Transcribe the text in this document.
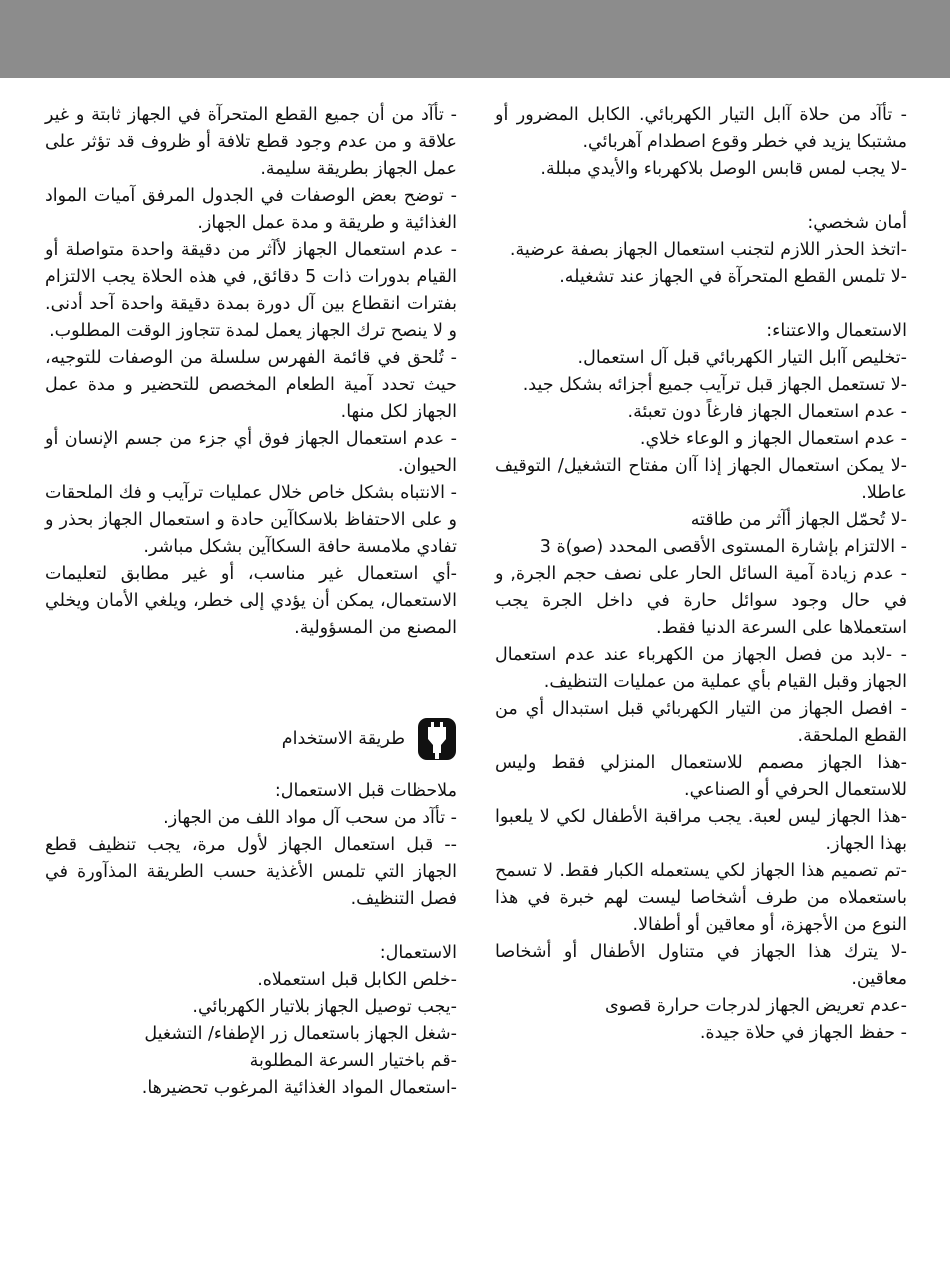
- تأآد من حلاة آابل التيار الكهربائي. الكابل المضرور أو مشتبكا يزيد في خطر وقوع اصطدام آهربائي.

-لا يجب لمس قابس الوصل بلاكهرباء والأيدي مبللة.

أمان شخصي:

-اتخذ الحذر اللازم لتجنب استعمال الجهاز بصفة عرضية.

-لا تلمس القطع المتحرآة في الجهاز عند تشغيله.

الاستعمال والاعتناء:

-تخليص آابل التيار الكهربائي قبل آل استعمال.

-لا تستعمل الجهاز قبل ترآيب جميع أجزائه بشكل جيد.

- عدم استعمال الجهاز فارغاً دون تعبئة.

- عدم استعمال الجهاز و الوعاء خلاي.

-لا يمكن استعمال الجهاز إذا آان مفتاح التشغيل/ التوقيف عاطلا.

-لا تُحمّل الجهاز أآثر من طاقته

- الالتزام بإشارة المستوى الأقصى المحدد (صو)ة 3

- عدم زيادة آمية السائل الحار على نصف حجم الجرة, و في حال وجود سوائل حارة في داخل الجرة يجب استعملاها على السرعة الدنيا فقط.

- -لابد من فصل الجهاز من الكهرباء عند عدم استعمال الجهاز وقبل القيام بأي عملية من عمليات التنظيف.

- افصل الجهاز من التيار الكهربائي قبل استبدال أي من القطع الملحقة.

-هذا الجهاز مصمم للاستعمال المنزلي فقط وليس للاستعمال الحرفي أو الصناعي.

-هذا الجهاز ليس لعبة. يجب مراقبة الأطفال لكي لا يلعبوا بهذا الجهاز.

-تم تصميم هذا الجهاز لكي يستعمله الكبار فقط. لا تسمح باستعملاه من طرف أشخاصا ليست لهم خبرة في هذا النوع من الأجهزة، أو معاقين أو أطفالا.

-لا يترك هذا الجهاز في متناول الأطفال أو أشخاصا معاقين.

-عدم تعريض الجهاز لدرجات حرارة قصوى

- حفظ الجهاز في حلاة جيدة.

- تأآد من أن جميع القطع المتحرآة في الجهاز ثابتة و غير علاقة و من عدم وجود قطع تلافة أو ظروف قد تؤثر على عمل الجهاز بطريقة سليمة.

- توضح بعض الوصفات في الجدول المرفق آميات المواد الغذائية و طريقة و مدة عمل الجهاز.

- عدم استعمال الجهاز لأآثر من دقيقة واحدة متواصلة أو القيام بدورات ذات 5 دقائق, في هذه الحلاة يجب الالتزام بفترات انقطاع بين آل دورة بمدة دقيقة واحدة آحد أدنى. و لا ينصح ترك الجهاز يعمل لمدة تتجاوز الوقت المطلوب.

- تُلحق في قائمة الفهرس سلسلة من الوصفات للتوجيه، حيث تحدد آمية الطعام المخصص للتحضير و مدة عمل الجهاز لكل منها.

- عدم استعمال الجهاز فوق أي جزء من جسم الإنسان أو الحيوان.

- الانتباه بشكل خاص خلال عمليات ترآيب و فك الملحقات و على الاحتفاظ بلاسكاآين حادة و استعمال الجهاز بحذر و تفادي ملامسة حافة السكاآين بشكل مباشر.

-أي استعمال غير مناسب، أو غير مطابق لتعليمات الاستعمال، يمكن أن يؤدي إلى خطر، ويلغي الأمان ويخلي المصنع من المسؤولية.

طريقة الاستخدام

ملاحظات قبل الاستعمال:

- تأآد من سحب آل مواد اللف من الجهاز.

-- قبل استعمال الجهاز لأول مرة، يجب تنظيف قطع الجهاز التي تلمس الأغذية حسب الطريقة المذآورة في فصل التنظيف.

الاستعمال:

-خلص الكابل قبل استعملاه.

-يجب توصيل الجهاز بلاتيار الكهربائي.

-شغل الجهاز باستعمال زر الإطفاء/ التشغيل

-قم باختيار السرعة المطلوبة

-استعمال المواد الغذائية المرغوب تحضيرها.
